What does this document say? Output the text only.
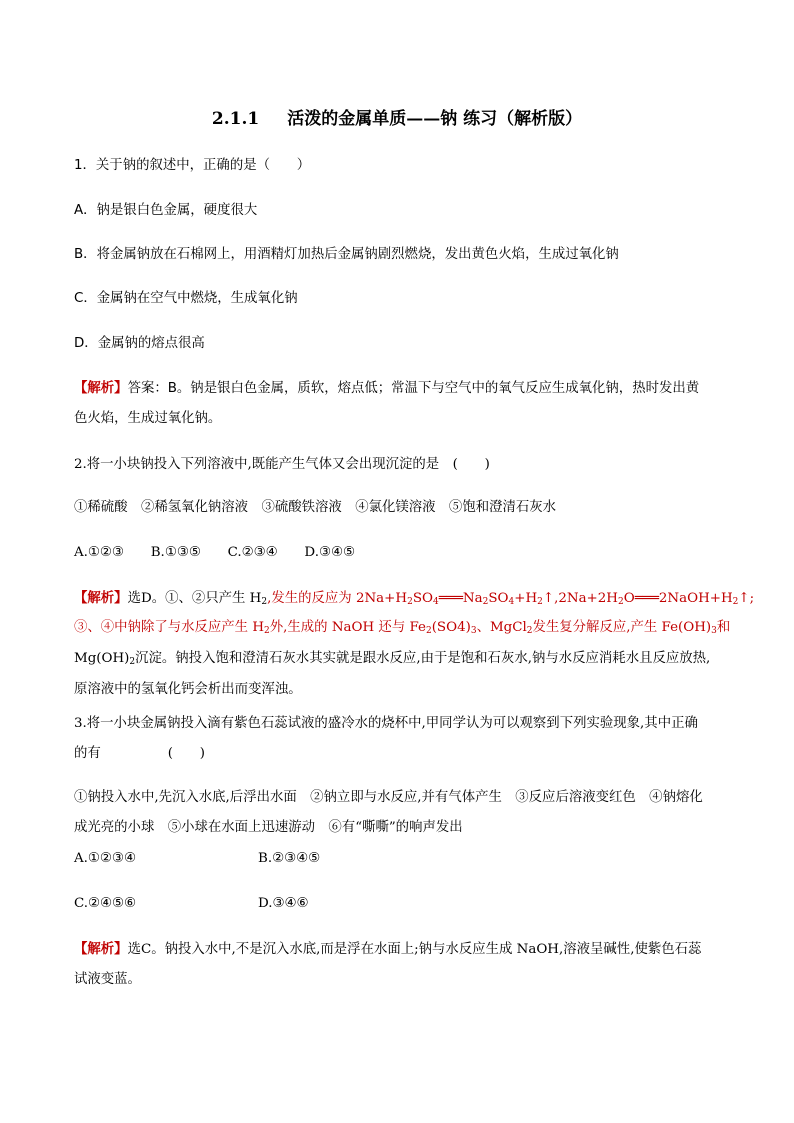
2.1.1 活泼的金属单质——钠 练习（解析版）
1．关于钠的叙述中，正确的是（　　）
A．钠是银白色金属，硬度很大
B．将金属钠放在石棉网上，用酒精灯加热后金属钠剧烈燃烧，发出黄色火焰，生成过氧化钠
C．金属钠在空气中燃烧，生成氧化钠
D．金属钠的熔点很高
【解析】答案：B。钠是银白色金属，质软，熔点低；常温下与空气中的氧气反应生成氧化钠，热时发出黄
色火焰，生成过氧化钠。
2.将一小块钠投入下列溶液中,既能产生气体又会出现沉淀的是　(　　)
①稀硫酸　②稀氢氧化钠溶液　③硫酸铁溶液　④氯化镁溶液　⑤饱和澄清石灰水
A.①②③　　B.①③⑤　　C.②③④　　D.③④⑤
【解析】选D。①、②只产生 $H_2$,发生的反应为 $2Na+H_2SO_4═══Na_2SO_4+H_2↑,2Na+2H_2O═══2NaOH+H_2↑$;
③、④中钠除了与水反应产生 $H_2$外,生成的 NaOH 还与 $Fe_2(SO4)_3$、MgCl$_2$发生复分解反应,产生 $Fe(OH)_3$和
$Mg(OH)_2$沉淀。钠投入饱和澄清石灰水其实就是跟水反应,由于是饱和石灰水,钠与水反应消耗水且反应放热,
原溶液中的氢氧化钙会析出而变浑浊。
3.将一小块金属钠投入滴有紫色石蕊试液的盛冷水的烧杯中,甲同学认为可以观察到下列实验现象,其中正确
的有　　　　　(　　)
①钠投入水中,先沉入水底,后浮出水面　②钠立即与水反应,并有气体产生　③反应后溶液变红色　④钠熔化
成光亮的小球　⑤小球在水面上迅速游动　⑥有“嘶嘶”的响声发出
A.①②③④	B.②③④⑤
C.②④⑤⑥	D.③④⑥
【解析】选C。钠投入水中,不是沉入水底,而是浮在水面上;钠与水反应生成 NaOH,溶液呈碱性,使紫色石蕊
试液变蓝。
